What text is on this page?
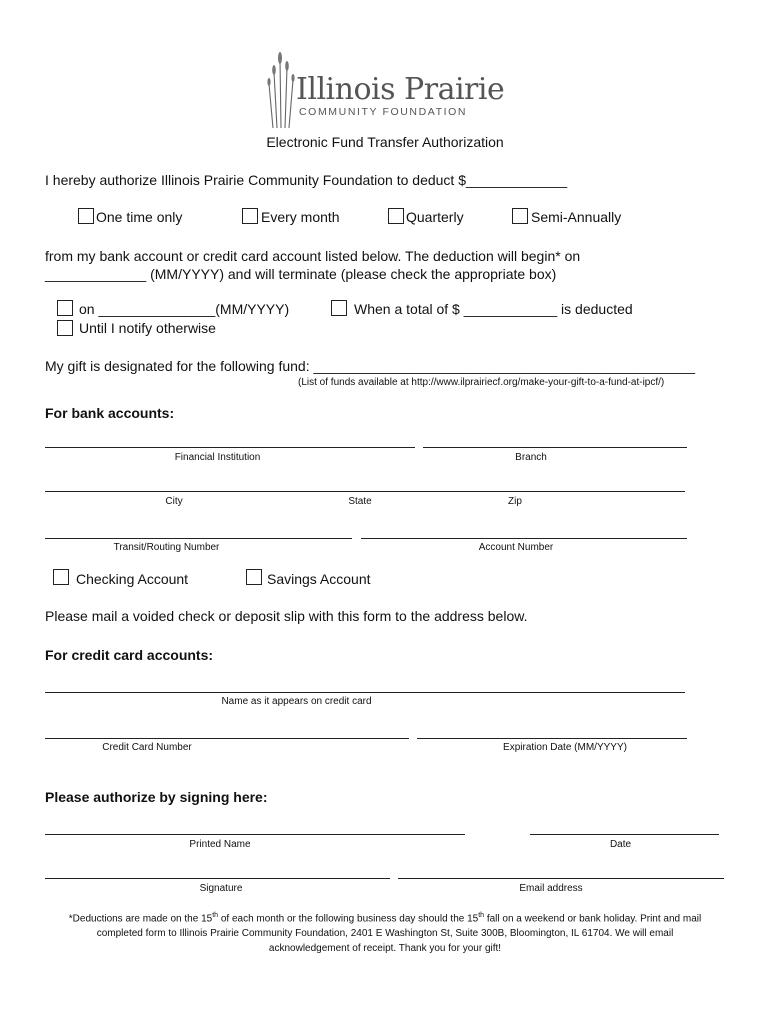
Illinois Prairie
COMMUNITY FOUNDATION
Electronic Fund Transfer Authorization
I hereby authorize Illinois Prairie Community Foundation to deduct $_____________
One time only	Every month	Quarterly	Semi-Annually
from my bank account or credit card account listed below. The deduction will begin* on
_____________ (MM/YYYY) and will terminate (please check the appropriate box)
on _______________(MM/YYYY)	When a total of $ ____________ is deducted
Until I notify otherwise
My gift is designated for the following fund: _________________________________________________
(List of funds available at http://www.ilprairiecf.org/make-your-gift-to-a-fund-at-ipcf/)
For bank accounts:
Financial Institution	Branch
City	State	Zip
Transit/Routing Number	Account Number
Checking Account	Savings Account
Please mail a voided check or deposit slip with this form to the address below.
For credit card accounts:
Name as it appears on credit card
Credit Card Number	Expiration Date (MM/YYYY)
Please authorize by signing here:
Printed Name	Date
Signature	Email address
*Deductions are made on the 15th of each month or the following business day should the 15th fall on a weekend or bank holiday. Print and mail
completed form to Illinois Prairie Community Foundation, 2401 E Washington St, Suite 300B, Bloomington, IL 61704. We will email
acknowledgement of receipt. Thank you for your gift!
